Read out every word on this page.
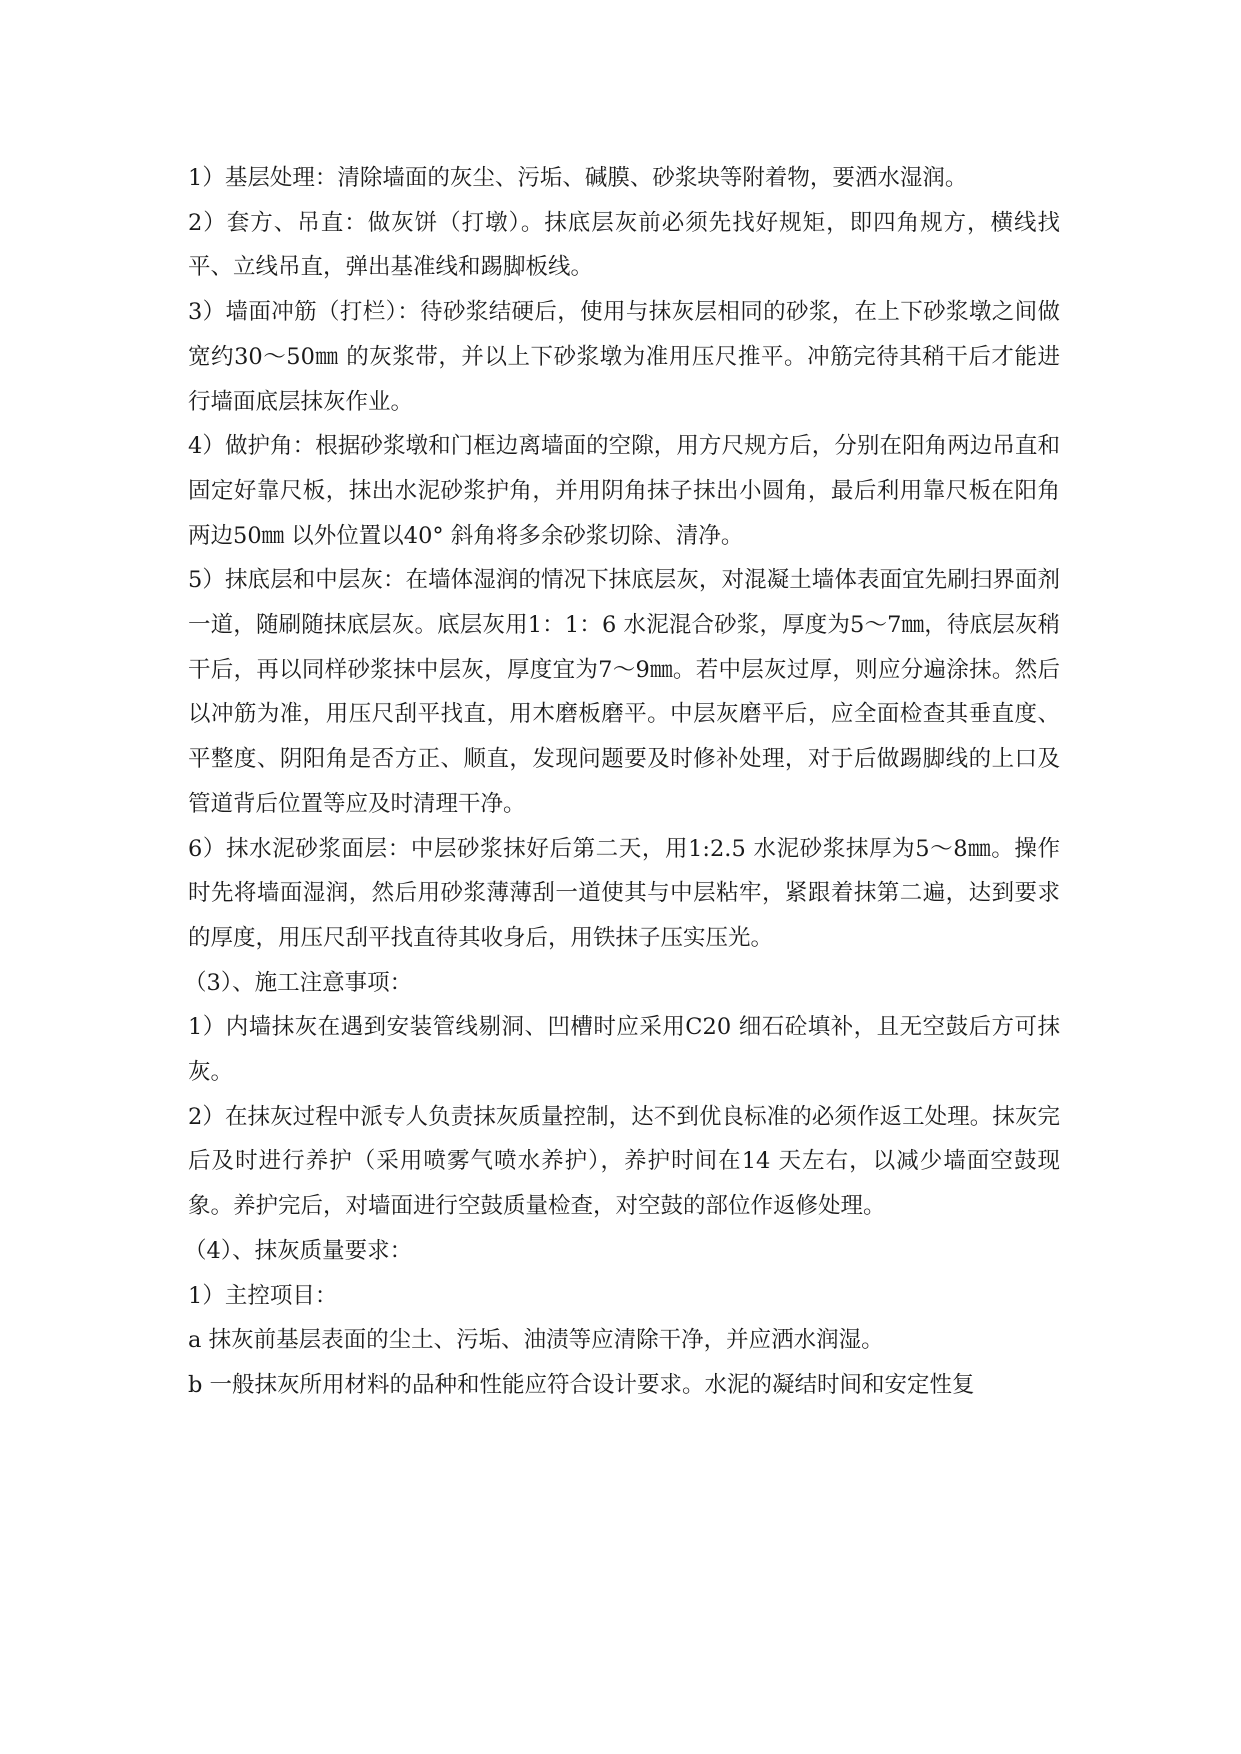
1）基层处理：清除墙面的灰尘、污垢、碱膜、砂浆块等附着物，要洒水湿润。

2）套方、吊直：做灰饼（打墩）。抹底层灰前必须先找好规矩，即四角规方，横线找平、立线吊直，弹出基准线和踢脚板线。

3）墙面冲筋（打栏）：待砂浆结硬后，使用与抹灰层相同的砂浆，在上下砂浆墩之间做宽约30～50㎜ 的灰浆带，并以上下砂浆墩为准用压尺推平。冲筋完待其稍干后才能进行墙面底层抹灰作业。

4）做护角：根据砂浆墩和门框边离墙面的空隙，用方尺规方后，分别在阳角两边吊直和固定好靠尺板，抹出水泥砂浆护角，并用阴角抹子抹出小圆角，最后利用靠尺板在阳角两边50㎜ 以外位置以40° 斜角将多余砂浆切除、清净。

5）抹底层和中层灰：在墙体湿润的情况下抹底层灰，对混凝土墙体表面宜先刷扫界面剂一道，随刷随抹底层灰。底层灰用1：1：6 水泥混合砂浆，厚度为5～7㎜，待底层灰稍干后，再以同样砂浆抹中层灰，厚度宜为7～9㎜。若中层灰过厚，则应分遍涂抹。然后以冲筋为准，用压尺刮平找直，用木磨板磨平。中层灰磨平后，应全面检查其垂直度、平整度、阴阳角是否方正、顺直，发现问题要及时修补处理，对于后做踢脚线的上口及管道背后位置等应及时清理干净。

6）抹水泥砂浆面层：中层砂浆抹好后第二天，用1:2.5 水泥砂浆抹厚为5～8㎜。操作时先将墙面湿润，然后用砂浆薄薄刮一道使其与中层粘牢，紧跟着抹第二遍，达到要求的厚度，用压尺刮平找直待其收身后，用铁抹子压实压光。

（3）、施工注意事项：

1）内墙抹灰在遇到安装管线剔洞、凹槽时应采用C20 细石砼填补，且无空鼓后方可抹灰。

2）在抹灰过程中派专人负责抹灰质量控制，达不到优良标准的必须作返工处理。抹灰完后及时进行养护（采用喷雾气喷水养护），养护时间在14 天左右，以减少墙面空鼓现象。养护完后，对墙面进行空鼓质量检查，对空鼓的部位作返修处理。

（4）、抹灰质量要求：

1）主控项目：

a 抹灰前基层表面的尘土、污垢、油渍等应清除干净，并应洒水润湿。

b 一般抹灰所用材料的品种和性能应符合设计要求。水泥的凝结时间和安定性复
